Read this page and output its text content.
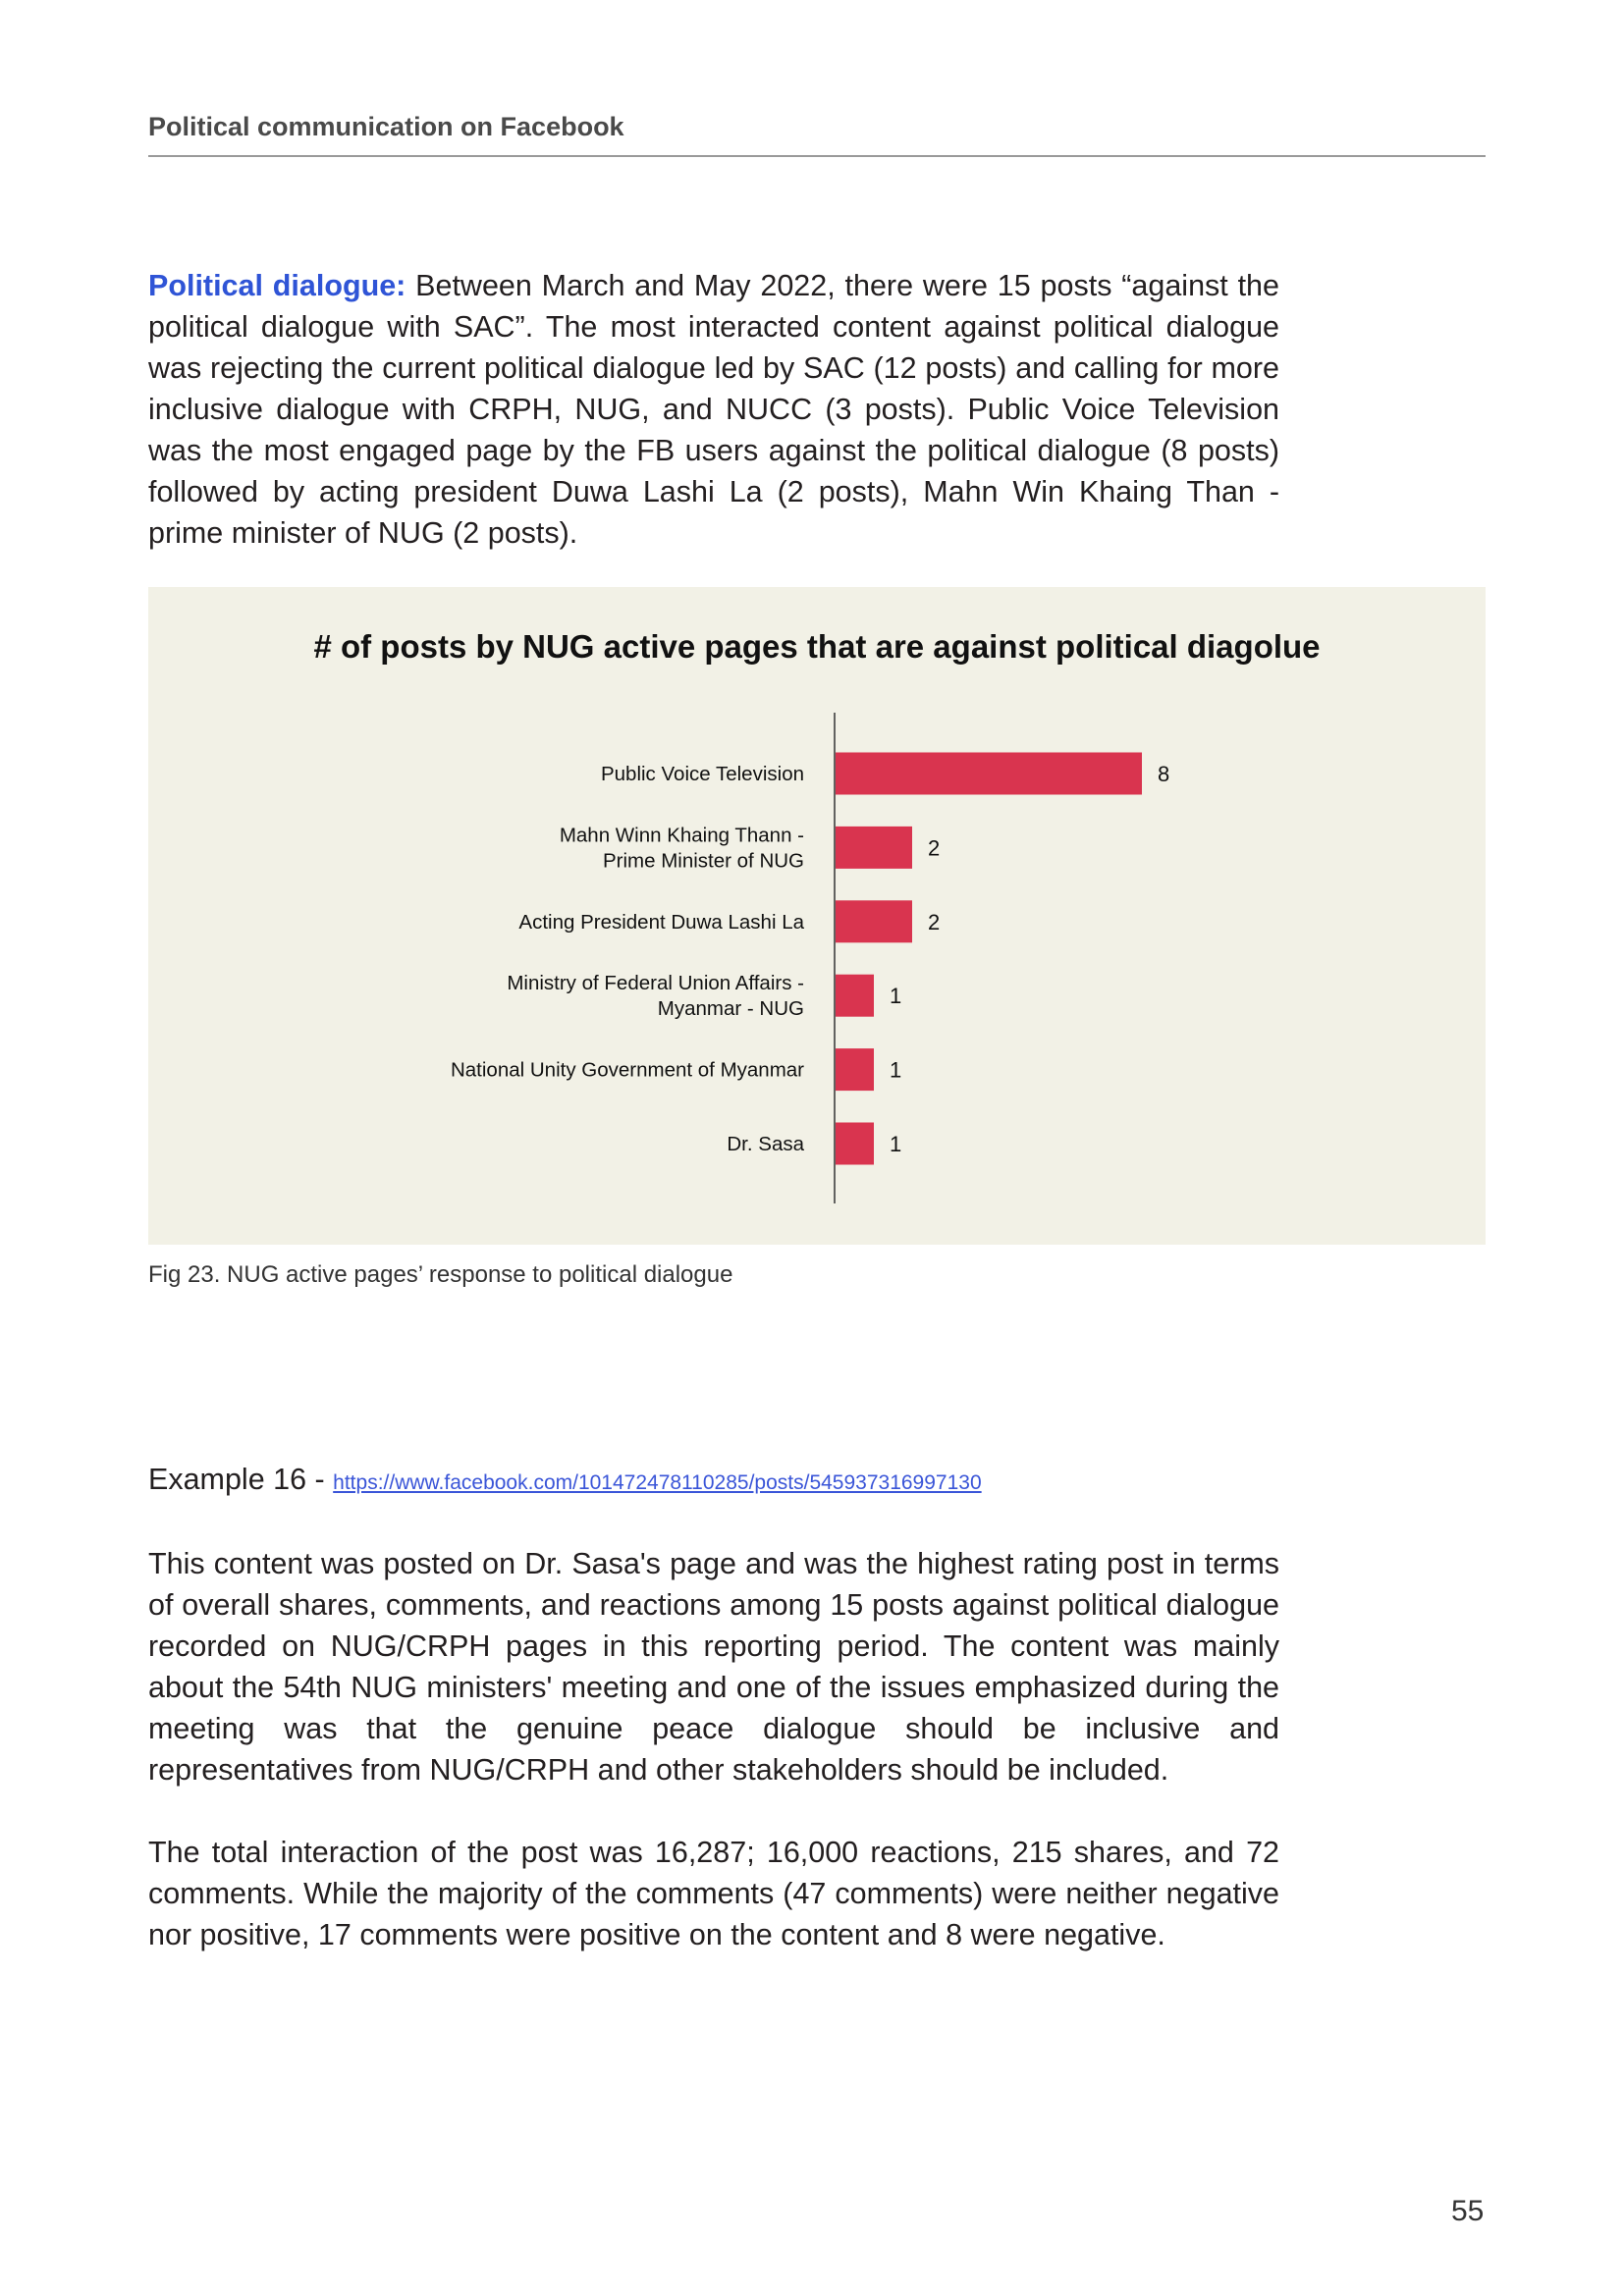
Political communication on Facebook

Political dialogue: Between March and May 2022, there were 15 posts “against the political dialogue with SAC”. The most interacted content against political dialogue was rejecting the current political dialogue led by SAC (12 posts) and calling for more inclusive dialogue with CRPH, NUG, and NUCC (3 posts). Public Voice Television was the most engaged page by the FB users against the political dialogue (8 posts) followed by acting president Duwa Lashi La (2 posts), Mahn Win Khaing Than - prime minister of NUG (2 posts).

# of posts by NUG active pages that are against political diagolue
8
Public Voice Television
2
Mahn Winn Khaing Thann -
Prime Minister of NUG
2
Acting President Duwa Lashi La
1
Ministry of Federal Union Affairs -
Myanmar - NUG
1
National Unity Government of Myanmar
1
Dr. Sasa
Fig 23. NUG active pages’ response to political dialogue
Example 16 - https://www.facebook.com/101472478110285/posts/545937316997130

This content was posted on Dr. Sasa's page and was the highest rating post in terms of overall shares, comments, and reactions among 15 posts against political dialogue recorded on NUG/CRPH pages in this reporting period. The content was mainly about the 54th NUG ministers' meeting and one of the issues emphasized during the meeting was that the genuine peace dialogue should be inclusive and representatives from NUG/CRPH and other stakeholders should be included.

The total interaction of the post was 16,287; 16,000 reactions, 215 shares, and 72 comments. While the majority of the comments (47 comments) were neither negative nor positive, 17 comments were positive on the content and 8 were negative.

55
